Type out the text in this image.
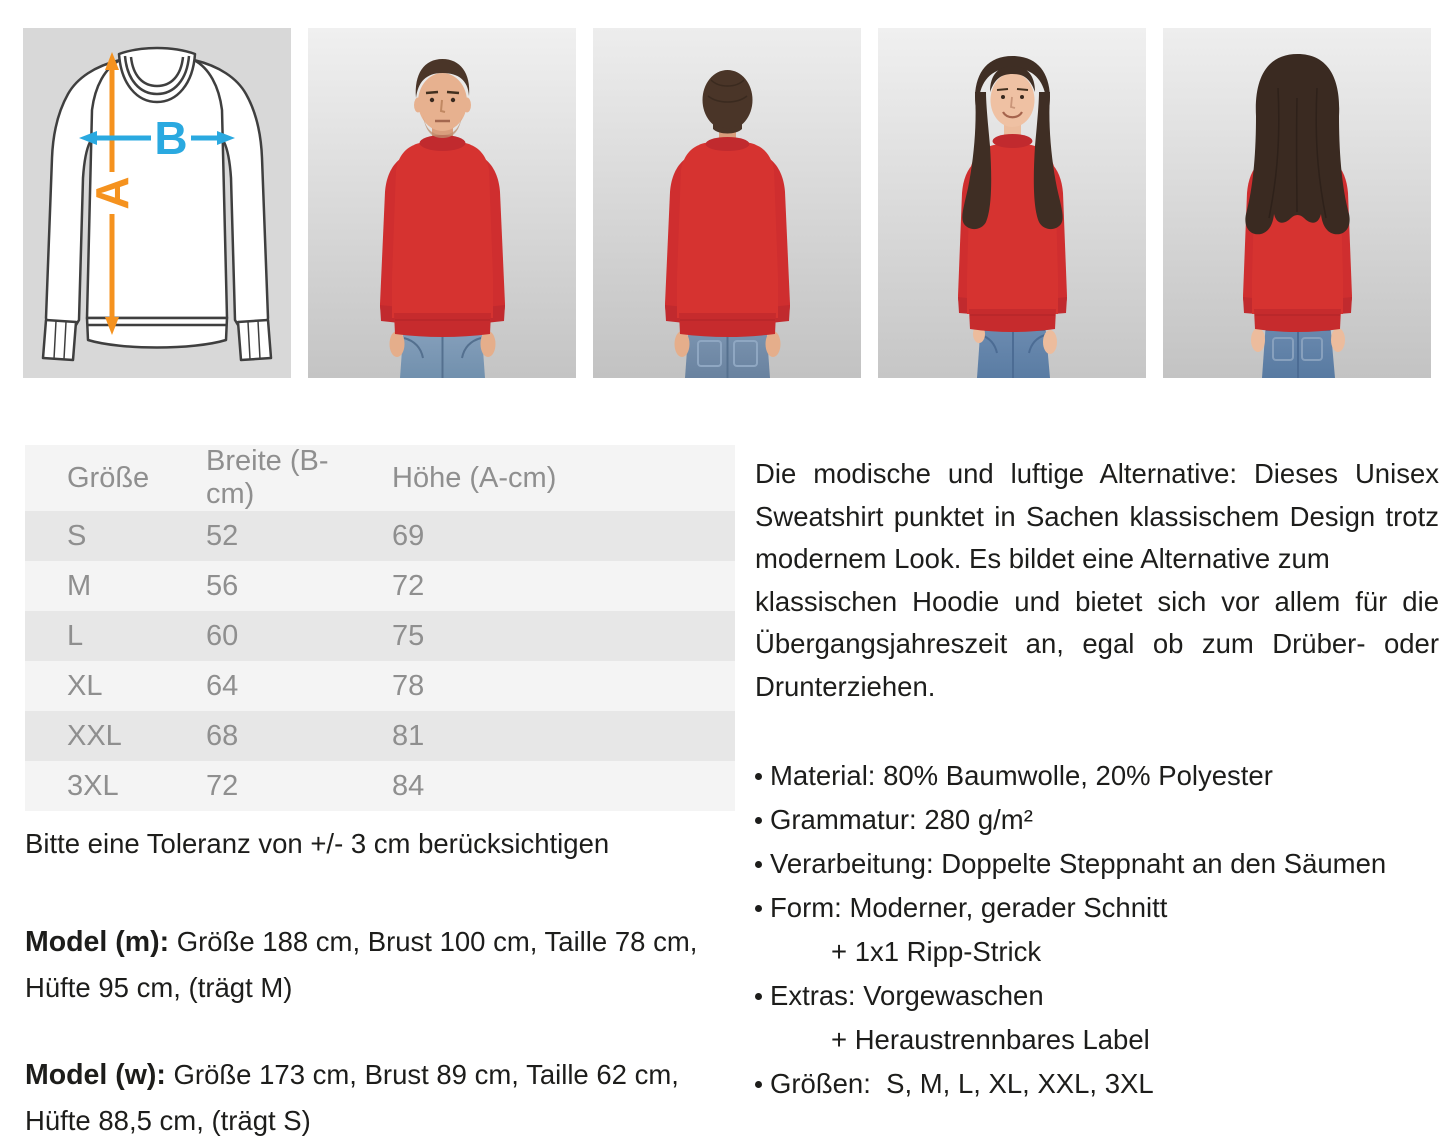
A
B
Größe	Breite (B-cm)	Höhe (A-cm)
S	52	69
M	56	72
L	60	75
XL	64	78
XXL	68	81
3XL	72	84
Bitte eine Toleranz von +/- 3 cm berücksichtigen
Model (m): Größe 188 cm, Brust 100 cm, Taille 78 cm, Hüfte 95 cm, (trägt M)
Model (w): Größe 173 cm, Brust 89 cm, Taille 62 cm, Hüfte 88,5 cm, (trägt S)

Die modische und luftige Alternative: Dieses Unisex Sweatshirt punktet in Sachen klassischem Design trotz modernem Look. Es bildet eine Alternative zum

klassischen Hoodie und bietet sich vor allem für die Übergangsjahreszeit an, egal ob zum Drüber- oder Drunterziehen.

Material: 80% Baumwolle, 20% Polyester
Grammatur: 280 g/m²
Verarbeitung: Doppelte Steppnaht an den Säumen
Form: Moderner, gerader Schnitt
+ 1x1 Ripp-Strick
Extras: Vorgewaschen
+ Heraustrennbares Label
Größen:  S, M, L, XL, XXL, 3XL
